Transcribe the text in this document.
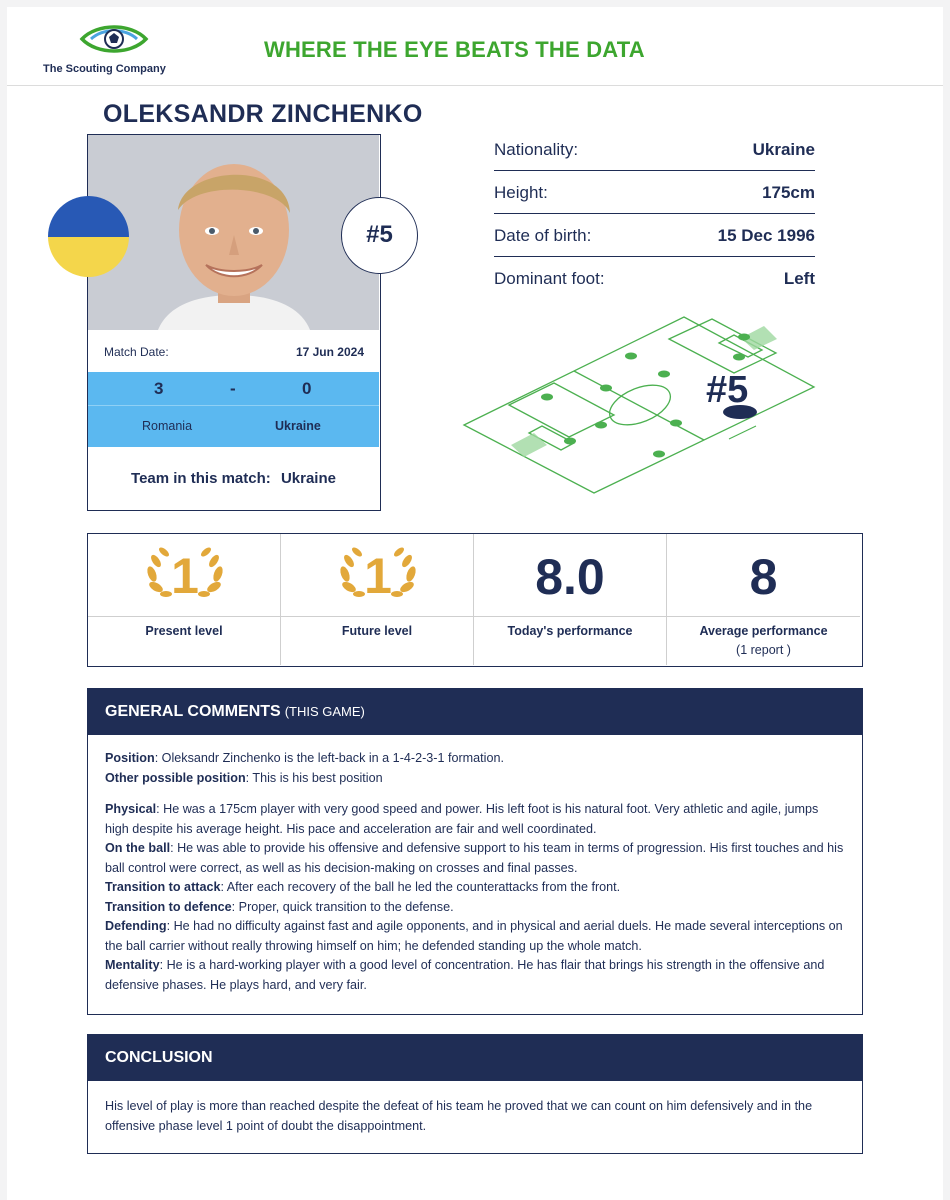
The Scouting Company
WHERE THE EYE BEATS THE DATA
OLEKSANDR ZINCHENKO
Match Date:	17 Jun 2024
3	-	0
Romania	Ukraine
Team in this match: Ukraine
#5
Nationality:	Ukraine
Height:	175cm
Date of birth:	15 Dec 1996
Dominant foot:	Left
#5
1
Present level
1
Future level
8.0
Today's performance
8
Average performance
(1 report )
GENERAL COMMENTS (THIS GAME)

Position: Oleksandr Zinchenko is the left-back in a 1-4-2-3-1 formation.

Other possible position: This is his best position

Physical: He was a 175cm player with very good speed and power. His left foot is his natural foot. Very athletic and agile, jumps high despite his average height. His pace and acceleration are fair and well coordinated.

On the ball: He was able to provide his offensive and defensive support to his team in terms of progression. His first touches and his ball control were correct, as well as his decision-making on crosses and final passes.

Transition to attack: After each recovery of the ball he led the counterattacks from the front.

Transition to defence: Proper, quick transition to the defense.

Defending: He had no difficulty against fast and agile opponents, and in physical and aerial duels. He made several interceptions on the ball carrier without really throwing himself on him; he defended standing up the whole match.

Mentality: He is a hard-working player with a good level of concentration. He has flair that brings his strength in the offensive and defensive phases. He plays hard, and very fair.

CONCLUSION

His level of play is more than reached despite the defeat of his team he proved that we can count on him defensively and in the offensive phase level 1 point of doubt the disappointment.
